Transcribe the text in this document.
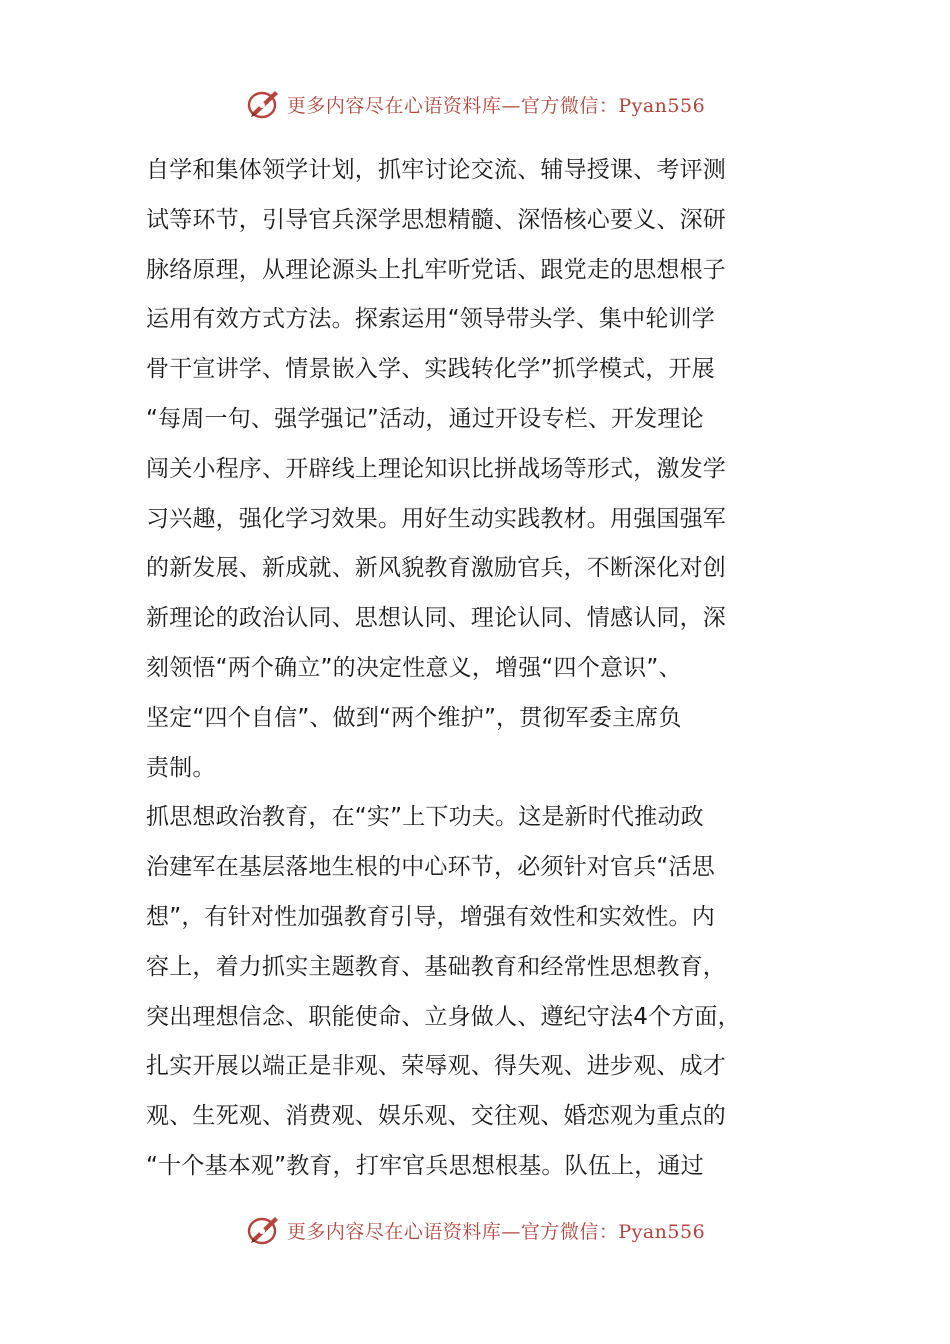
更多内容尽在心语资料库—官方微信：Pyan556
自学和集体领学计划，抓牢讨论交流、辅导授课、考评测
试等环节，引导官兵深学思想精髓、深悟核心要义、深研
脉络原理，从理论源头上扎牢听党话、跟党走的思想根子
运用有效方式方法。探索运用“领导带头学、集中轮训学
骨干宣讲学、情景嵌入学、实践转化学”抓学模式，开展
“每周一句、强学强记”活动，通过开设专栏、开发理论
闯关小程序、开辟线上理论知识比拼战场等形式，激发学
习兴趣，强化学习效果。用好生动实践教材。用强国强军
的新发展、新成就、新风貌教育激励官兵，不断深化对创
新理论的政治认同、思想认同、理论认同、情感认同，深
刻领悟“两个确立”的决定性意义，增强“四个意识”、
坚定“四个自信”、做到“两个维护”，贯彻军委主席负
责制。
抓思想政治教育，在“实”上下功夫。这是新时代推动政
治建军在基层落地生根的中心环节，必须针对官兵“活思
想”，有针对性加强教育引导，增强有效性和实效性。内
容上，着力抓实主题教育、基础教育和经常性思想教育，
突出理想信念、职能使命、立身做人、遵纪守法4个方面，
扎实开展以端正是非观、荣辱观、得失观、进步观、成才
观、生死观、消费观、娱乐观、交往观、婚恋观为重点的
“十个基本观”教育，打牢官兵思想根基。队伍上，通过
更多内容尽在心语资料库—官方微信：Pyan556
